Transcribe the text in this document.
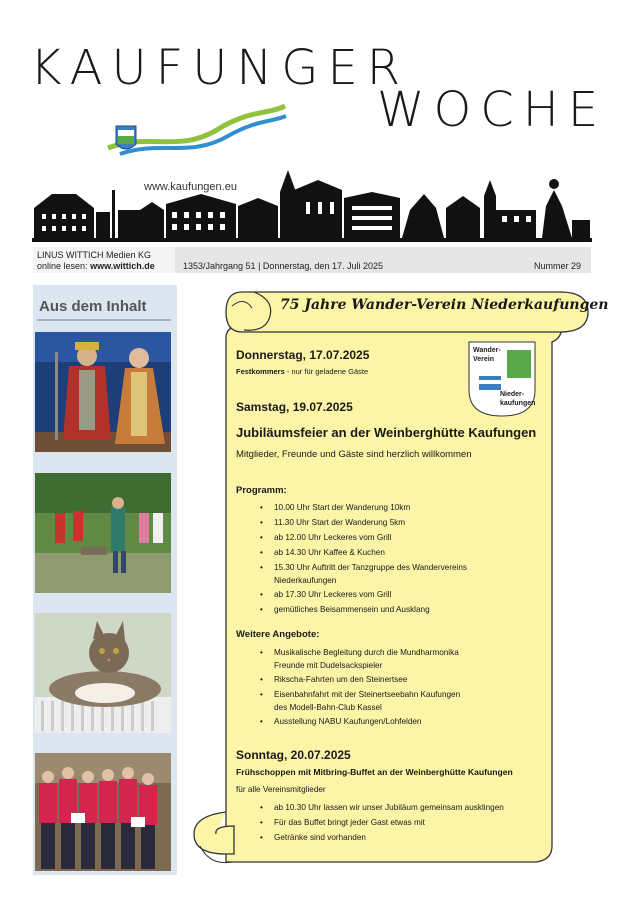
KAUFUNGER
WOCHE
www.kaufungen.eu
LINUS WITTICH Medien KG
online lesen: www.wittich.de	1353/Jahrgang 51 | Donnerstag, den 17. Juli 2025	Nummer 29
Aus dem Inhalt	75 Jahre Wander-Verein Niederkaufungen
Wander-Verein
Nieder-kaufungen
Donnerstag, 17.07.2025
Festkommers - nur für geladene Gäste
Samstag, 19.07.2025
Jubiläumsfeier an der Weinberghütte Kaufungen
Mitglieder, Freunde und Gäste sind herzlich willkommen
Programm:
• 10.00 Uhr Start der Wanderung 10km
• 11.30 Uhr Start der Wanderung 5km
• ab 12.00 Uhr Leckeres vom Grill
• ab 14.30 Uhr Kaffee & Kuchen
• 15.30 Uhr Auftritt der Tanzgruppe des Wandervereins
Niederkaufungen
• ab 17.30 Uhr Leckeres vom Grill
• gemütliches Beisammensein und Ausklang
Weitere Angebote:
• Musikalische Begleitung durch die Mundharmonika
Freunde mit Dudelsackspieler
• Rikscha-Fahrten um den Steinertsee
• Eisenbahnfahrt mit der Steinertseebahn Kaufungen
des Modell-Bahn-Club Kassel
• Ausstellung NABU Kaufungen/Lohfelden
Sonntag, 20.07.2025
Frühschoppen mit Mitbring-Buffet an der Weinberghütte Kaufungen
für alle Vereinsmitglieder
• ab 10.30 Uhr lassen wir unser Jubiläum gemeinsam ausklingen
• Für das Buffet bringt jeder Gast etwas mit
• Getränke sind vorhanden
